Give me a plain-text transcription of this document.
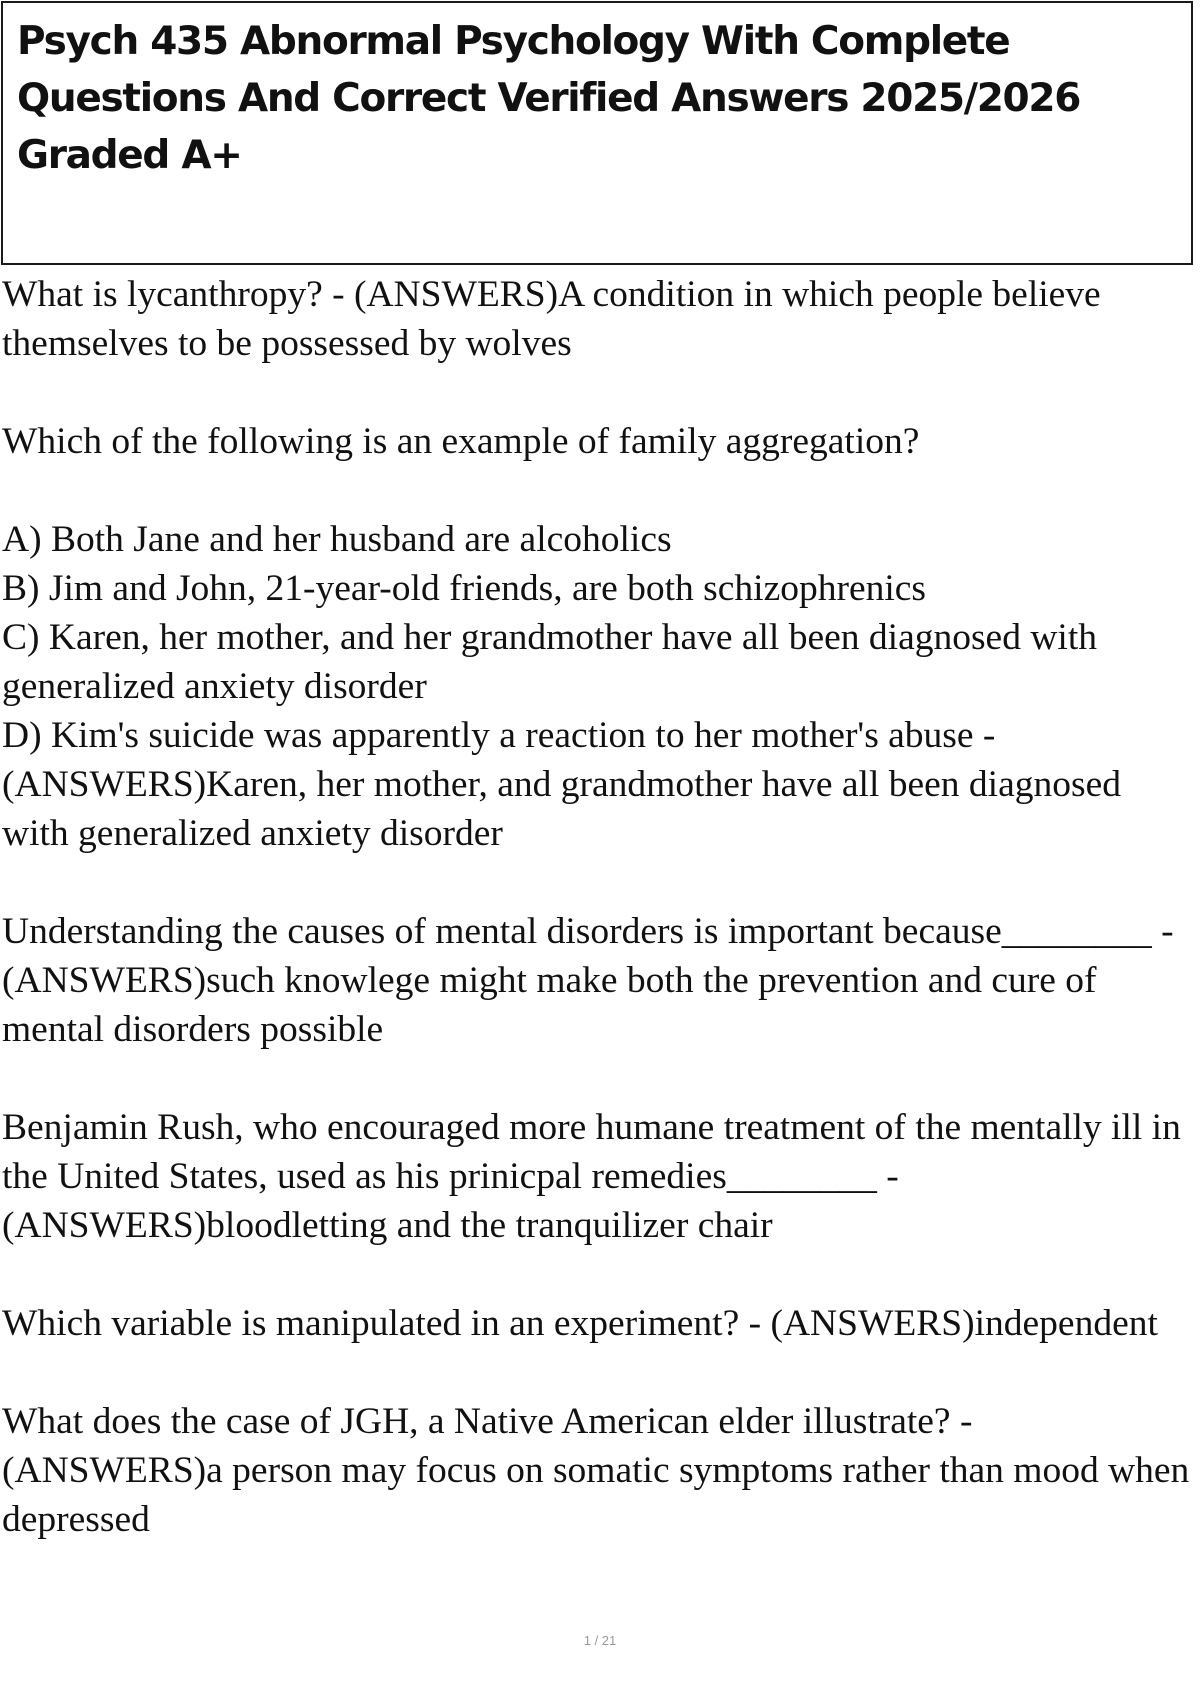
Psych 435 Abnormal Psychology With Complete Questions And Correct Verified Answers 2025/2026 Graded A+

What is lycanthropy? - (ANSWERS)A condition in which people believe themselves to be possessed by wolves

Which of the following is an example of family aggregation?

A) Both Jane and her husband are alcoholics
B) Jim and John, 21-year-old friends, are both schizophrenics
C) Karen, her mother, and her grandmother have all been diagnosed with generalized anxiety disorder
D) Kim's suicide was apparently a reaction to her mother's abuse - (ANSWERS)Karen, her mother, and grandmother have all been diagnosed with generalized anxiety disorder

Understanding the causes of mental disorders is important because________ - (ANSWERS)such knowlege might make both the prevention and cure of mental disorders possible

Benjamin Rush, who encouraged more humane treatment of the mentally ill in the United States, used as his prinicpal remedies________ - (ANSWERS)bloodletting and the tranquilizer chair

Which variable is manipulated in an experiment? - (ANSWERS)independent

What does the case of JGH, a Native American elder illustrate? - (ANSWERS)a person may focus on somatic symptoms rather than mood when depressed

1 / 21
